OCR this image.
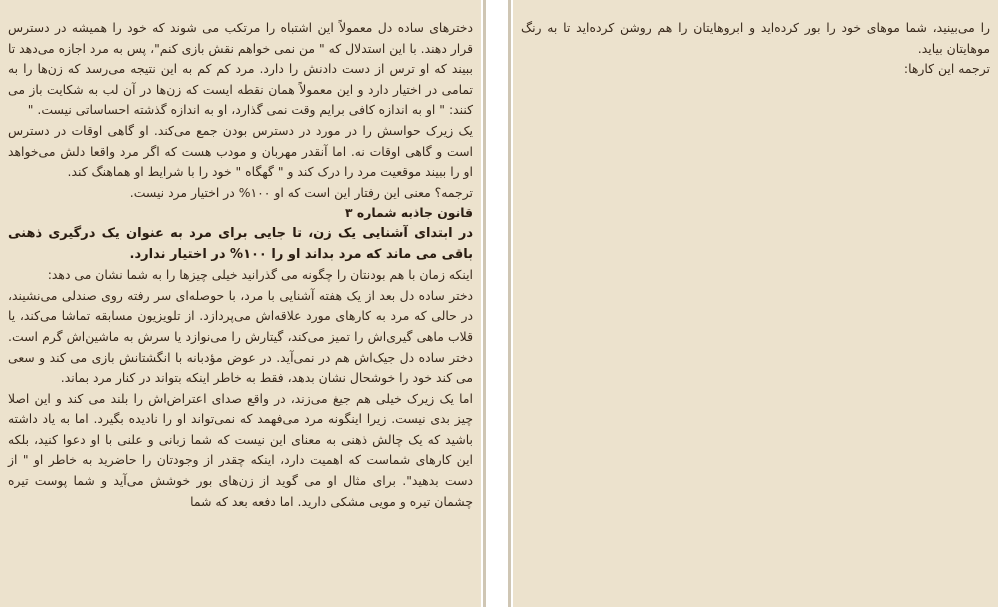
دخترهای ساده دل معمولاً این اشتباه را مرتکب می شوند که خود را همیشه در دسترس قرار دهند. با این استدلال که " من نمی خواهم نقش بازی کنم"، پس به مرد اجازه می‌دهد تا ببیند که او ترس از دست دادنش را دارد. مرد کم کم به این نتیجه می‌رسد که زن‌ها را به تمامی در اختیار دارد و این معمولاً همان نقطه ایست که زن‌ها در آن لب به شکایت باز می کنند: " او به اندازه کافی برایم وقت نمی گذارد، او به اندازه گذشته احساساتی نیست. "

یک زیرک حواسش را در مورد در دسترس بودن جمع می‌کند. او گاهی اوقات در دسترس است و گاهی اوقات نه. اما آنقدر مهربان و مودب هست که اگر مرد واقعا دلش می‌خواهد او را ببیند موقعیت مرد را درک کند و " گهگاه " خود را با شرایط او هماهنگ کند.

ترجمه؟ معنی این رفتار این است که او ۱۰۰% در اختیار مرد نیست.

قانون جاذبه شماره ۳

در ابتدای آشنایی یک زن، تا جایی برای مرد به عنوان یک درگیری ذهنی باقی می ماند که مرد بداند او را ۱۰۰% در اختیار ندارد.

اینکه زمان با هم بودنتان را چگونه می گذرانید خیلی چیزها را به شما نشان می دهد:

دختر ساده دل بعد از یک هفته آشنایی با مرد، با حوصله‌ای سر رفته روی صندلی می‌نشیند، در حالی که مرد به کارهای مورد علاقه‌اش می‌پردازد. از تلویزیون مسابقه تماشا می‌کند، یا قلاب ماهی گیری‌اش را تمیز می‌کند، گیتارش را می‌نوازد یا سرش به ماشین‌اش گرم است. دختر ساده دل جیک‌اش هم در نمی‌آید. در عوض مؤدبانه با انگشتانش بازی می کند و سعی می کند خود را خوشحال نشان بدهد، فقط به خاطر اینکه بتواند در کنار مرد بماند.

اما یک زیرک خیلی هم جیغ می‌زند، در واقع صدای اعتراض‌اش را بلند می کند و این اصلا چیز بدی نیست. زیرا اینگونه مرد می‌فهمد که نمی‌تواند او را نادیده بگیرد. اما به یاد داشته باشید که یک چالش ذهنی به معنای این نیست که شما زبانی و علنی با او دعوا کنید، بلکه این کارهای شماست که اهمیت دارد، اینکه چقدر از وجودتان را حاضرید به خاطر او " از دست بدهید". برای مثال او می گوید از زن‌های بور خوشش می‌آید و شما پوست تیره چشمان تیره و مویی مشکی دارید. اما دفعه بعد که شما

را می‌بینید، شما موهای خود را بور کرده‌اید و ابروهایتان را هم روشن کرده‌اید تا به رنگ موهایتان بیاید.

ترجمه این کارها:
